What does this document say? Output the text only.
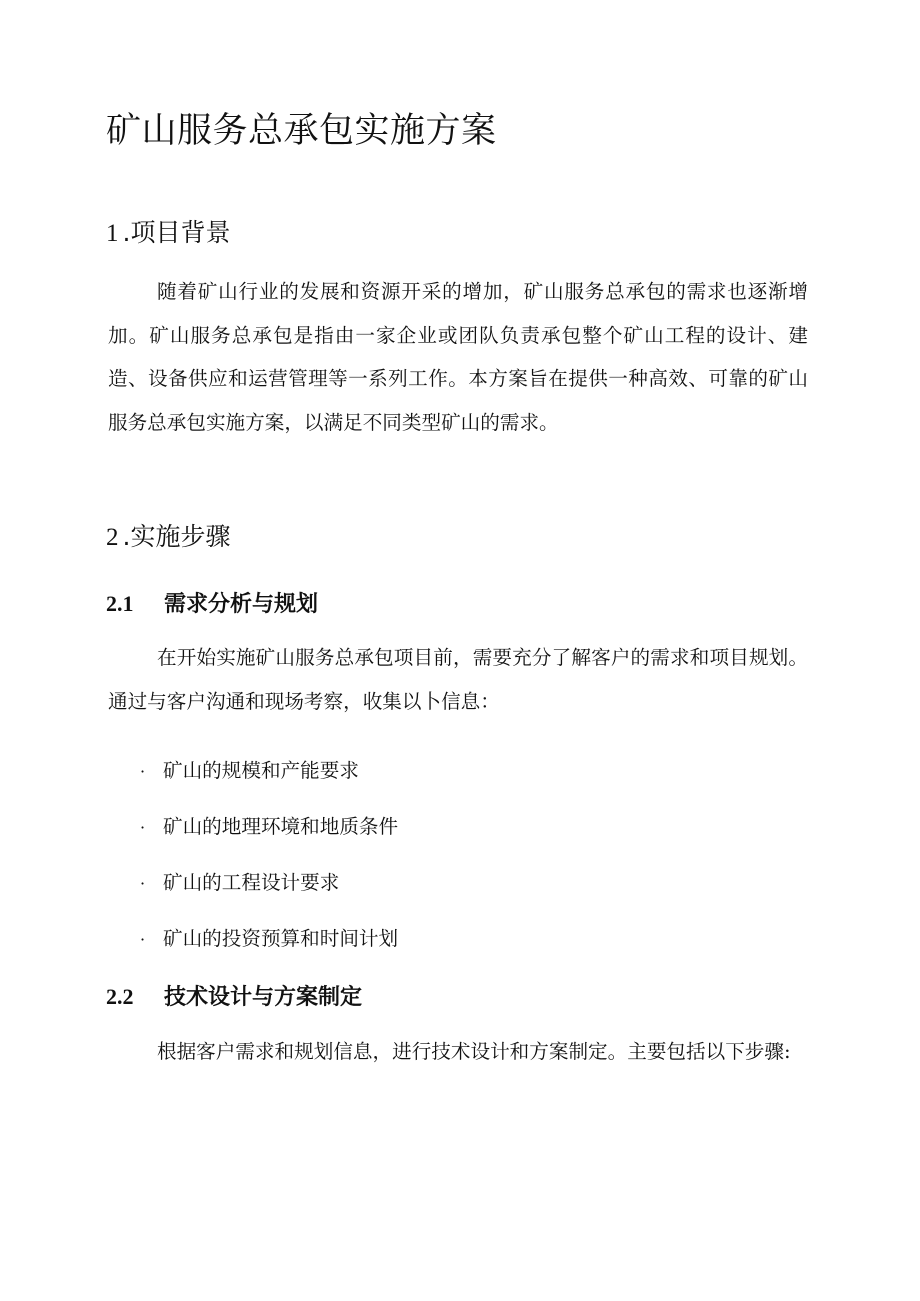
矿山服务总承包实施方案
1 .项目背景

随着矿山行业的发展和资源开采的增加，矿山服务总承包的需求也逐渐增加。矿山服务总承包是指由一家企业或团队负责承包整个矿山工程的设计、建造、设备供应和运营管理等一系列工作。本方案旨在提供一种高效、可靠的矿山服务总承包实施方案，以满足不同类型矿山的需求。

2 .实施步骤
2.1 需求分析与规划

在开始实施矿山服务总承包项目前，需要充分了解客户的需求和项目规划。通过与客户沟通和现场考察，收集以卜信息：

· 矿山的规模和产能要求
· 矿山的地理环境和地质条件
· 矿山的工程设计要求
· 矿山的投资预算和时间计划
2.2 技术设计与方案制定

根据客户需求和规划信息，进行技术设计和方案制定。主要包括以下步骤:
